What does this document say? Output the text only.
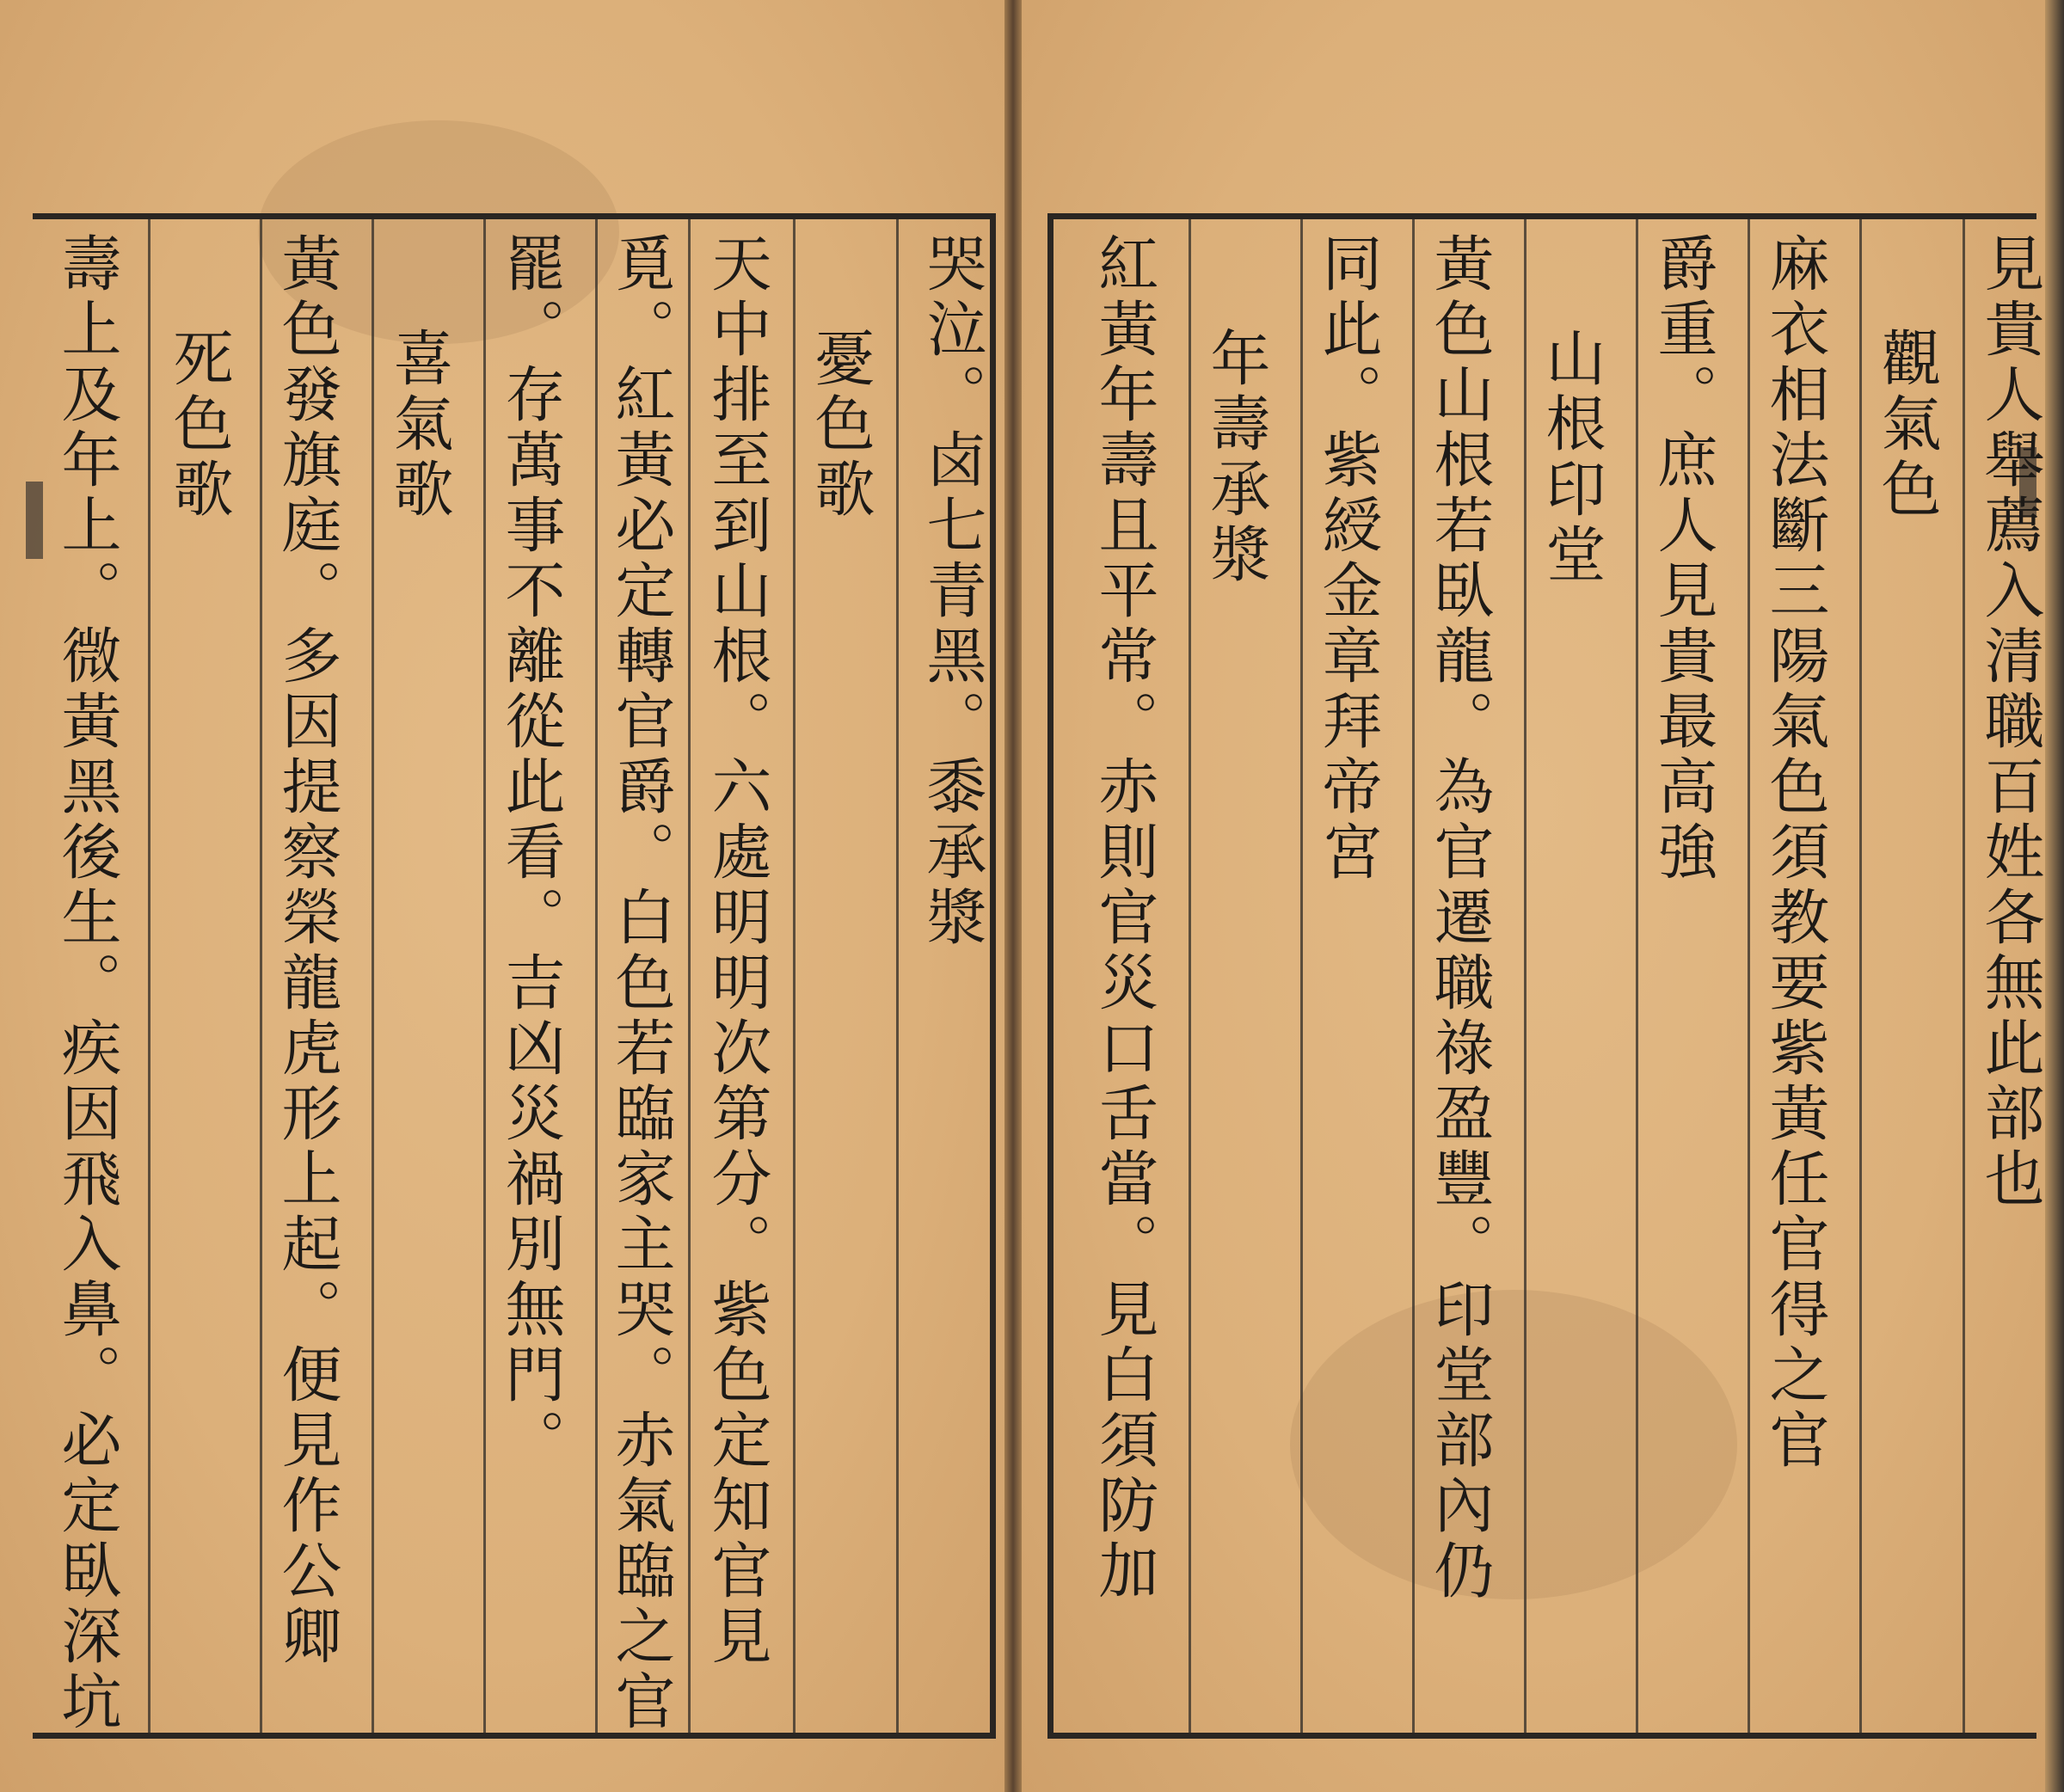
哭泣。卤七青黑。黍承漿
憂色歌
天中排至到山根。六處明明次第分。紫色定知官見
覓。紅黃必定轉官爵。白色若臨家主哭。赤氣臨之官
罷。存萬事不離從此看。吉凶災禍別無門。
喜氣歌
黃色發旗庭。多因提察榮龍虎形上起。便見作公卿
死色歌
壽上及年上。微黃黑後生。疾因飛入鼻。必定臥深坑	見貴人舉薦入清職百姓各無此部也
觀氣色
麻衣相法斷三陽氣色須教要紫黃任官得之官
爵重。庶人見貴最高強
山根印堂
黃色山根若臥龍。為官遷職祿盈豐。印堂部內仍
同此。紫綬金章拜帝宮
年壽承漿
紅黃年壽且平常。赤則官災口舌當。見白須防加
